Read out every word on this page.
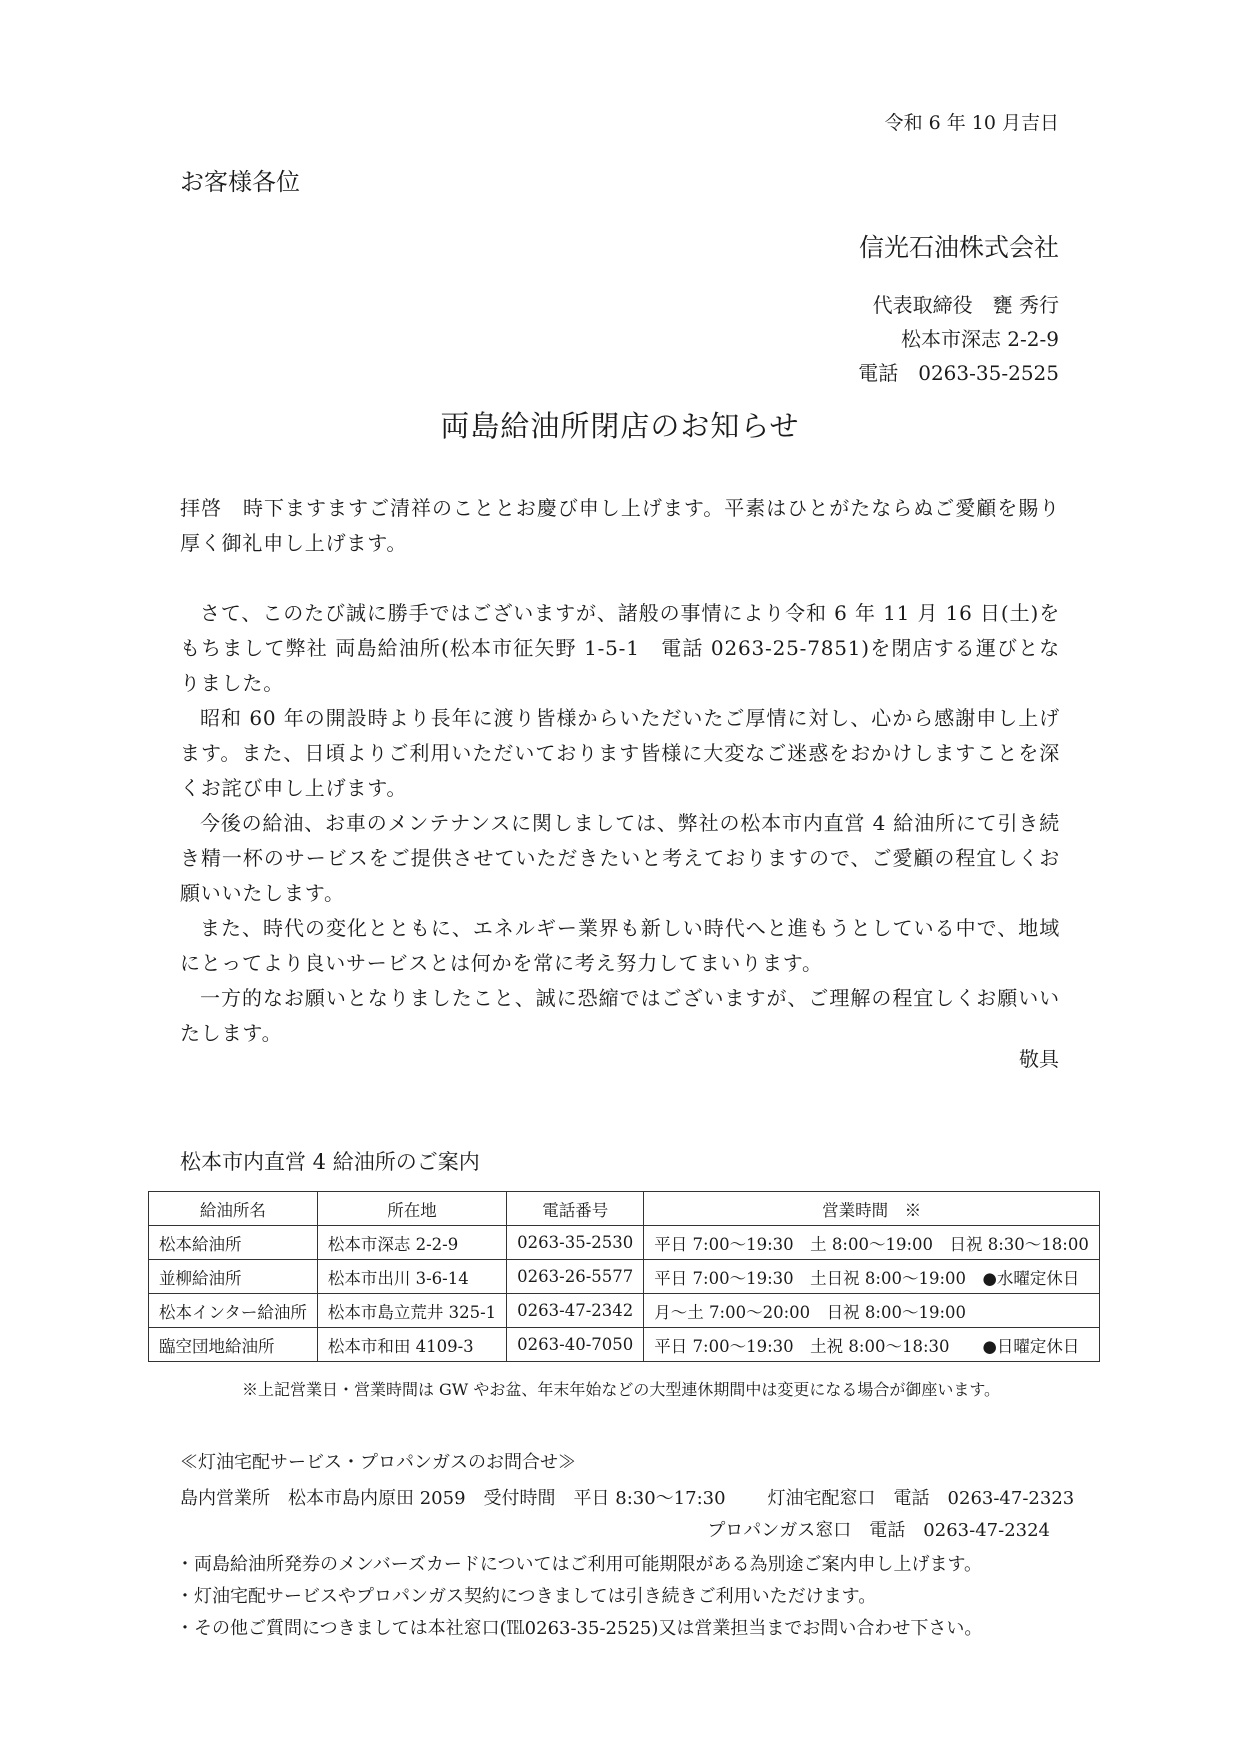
令和 6 年 10 月吉日
お客様各位
信光石油株式会社
代表取締役　甕 秀行
松本市深志 2-2-9
電話　0263-35-2525
両島給油所閉店のお知らせ

拝啓　時下ますますご清祥のこととお慶び申し上げます。平素はひとがたならぬご愛顧を賜り厚く御礼申し上げます。

さて、このたび誠に勝手ではございますが、諸般の事情により令和 6 年 11 月 16 日(土)をもちまして弊社 両島給油所(松本市征矢野 1-5-1　電話 0263-25-7851)を閉店する運びとなりました。

昭和 60 年の開設時より長年に渡り皆様からいただいたご厚情に対し、心から感謝申し上げます。また、日頃よりご利用いただいております皆様に大変なご迷惑をおかけしますことを深くお詫び申し上げます。

今後の給油、お車のメンテナンスに関しましては、弊社の松本市内直営 4 給油所にて引き続き精一杯のサービスをご提供させていただきたいと考えておりますので、ご愛顧の程宜しくお願いいたします。

また、時代の変化とともに、エネルギー業界も新しい時代へと進もうとしている中で、地域にとってより良いサービスとは何かを常に考え努力してまいります。

一方的なお願いとなりましたこと、誠に恐縮ではございますが、ご理解の程宜しくお願いいたします。

敬具
松本市内直営 4 給油所のご案内
給油所名	所在地	電話番号	営業時間　※
松本給油所	松本市深志 2-2-9	0263-35-2530	平日 7:00～19:30　土 8:00～19:00　日祝 8:30～18:00
並柳給油所	松本市出川 3-6-14	0263-26-5577	平日 7:00～19:30　土日祝 8:00～19:00　●水曜定休日
松本インター給油所	松本市島立荒井 325-1	0263-47-2342	月～土 7:00～20:00　日祝 8:00～19:00
臨空団地給油所	松本市和田 4109-3	0263-40-7050	平日 7:00～19:30　土祝 8:00～18:30　　●日曜定休日
※上記営業日・営業時間は GW やお盆、年末年始などの大型連休期間中は変更になる場合が御座います。
≪灯油宅配サービス・プロパンガスのお問合せ≫
島内営業所　松本市島内原田 2059　受付時間　平日 8:30～17:30 灯油宅配窓口　電話　0263-47-2323
プロパンガス窓口　電話　0263-47-2324
・両島給油所発券のメンバーズカードについてはご利用可能期限がある為別途ご案内申し上げます。
・灯油宅配サービスやプロパンガス契約につきましては引き続きご利用いただけます。
・その他ご質問につきましては本社窓口(℡0263-35-2525)又は営業担当までお問い合わせ下さい。
